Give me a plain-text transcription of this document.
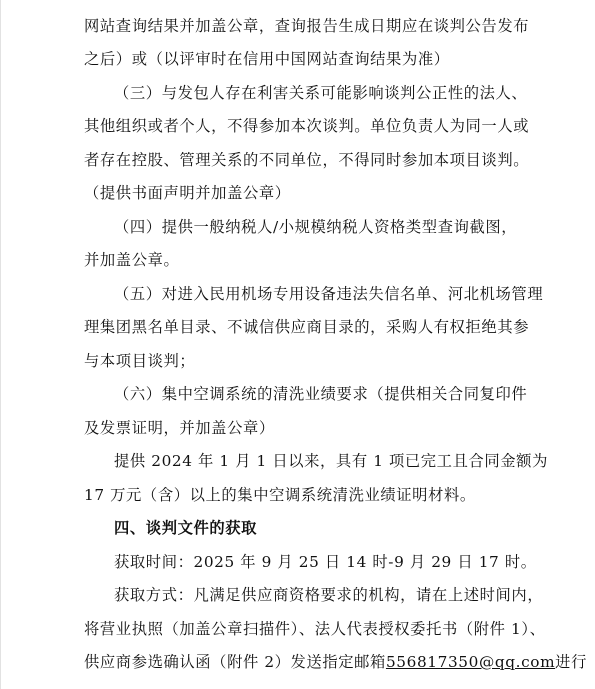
网站查询结果并加盖公章，查询报告生成日期应在谈判公告发布
之后）或（以评审时在信用中国网站查询结果为准）
（三）与发包人存在利害关系可能影响谈判公正性的法人、
其他组织或者个人，不得参加本次谈判。单位负责人为同一人或
者存在控股、管理关系的不同单位，不得同时参加本项目谈判。
（提供书面声明并加盖公章）
（四）提供一般纳税人/小规模纳税人资格类型查询截图，
并加盖公章。
（五）对进入民用机场专用设备违法失信名单、河北机场管理
理集团黑名单目录、不诚信供应商目录的，采购人有权拒绝其参
与本项目谈判；
（六）集中空调系统的清洗业绩要求（提供相关合同复印件
及发票证明，并加盖公章）
提供 2024 年 1 月 1 日以来，具有 1 项已完工且合同金额为
17 万元（含）以上的集中空调系统清洗业绩证明材料。
四、谈判文件的获取
获取时间：2025 年 9 月 25 日 14 时-9 月 29 日 17 时。
获取方式：凡满足供应商资格要求的机构，请在上述时间内，
将营业执照（加盖公章扫描件）、法人代表授权委托书（附件 1）、
供应商参选确认函（附件 2）发送指定邮箱556817350@qq.com进行
